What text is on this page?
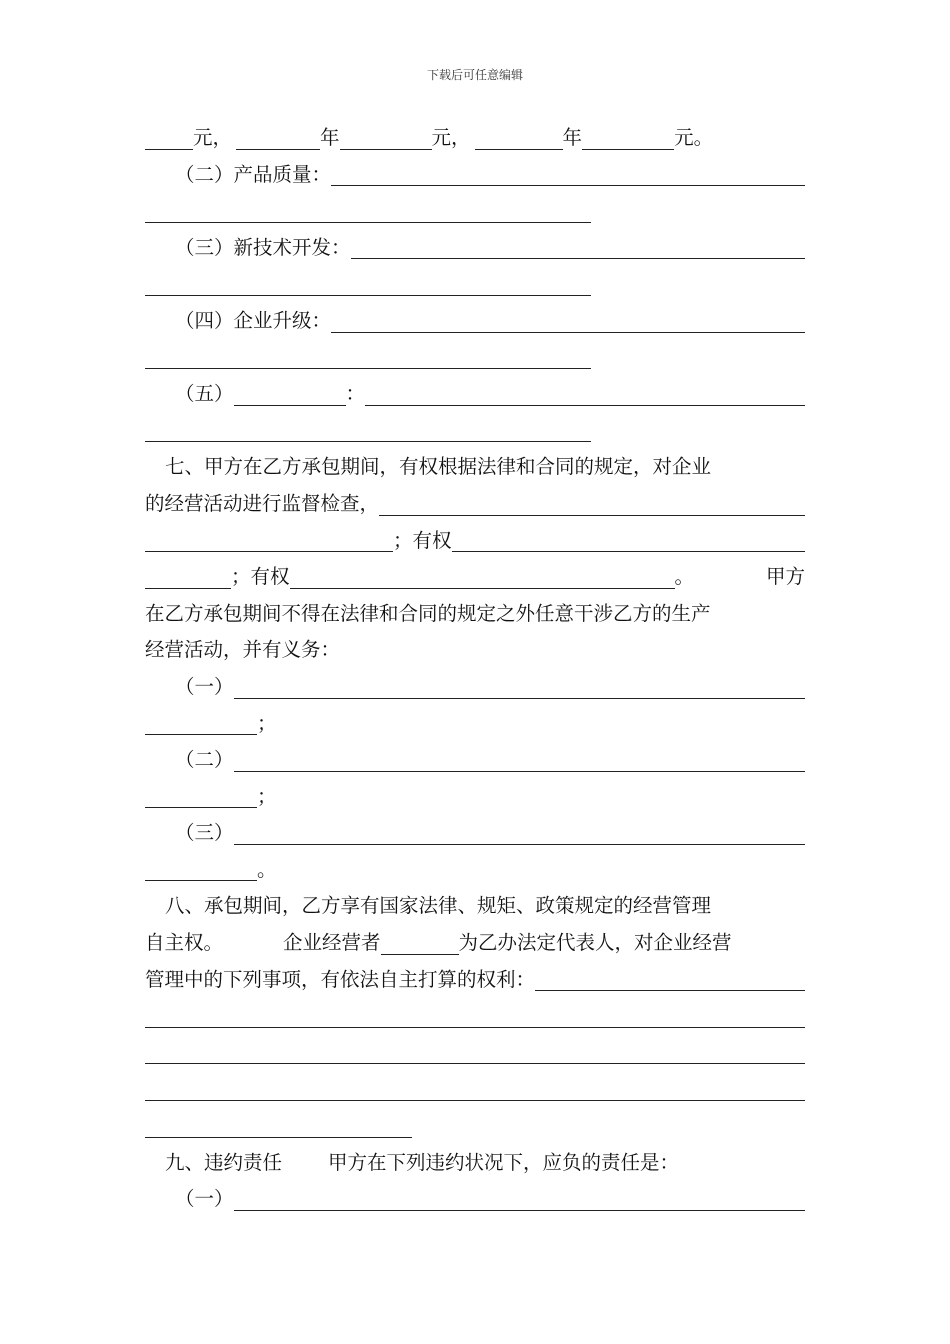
下载后可任意编辑
元，	年	元，	年	元。
（二）产品质量：
（三）新技术开发：
（四）企业升级：
（五）	：
七、甲方在乙方承包期间，有权根据法律和合同的规定，对企业
的经营活动进行监督检查，
；有权
；有权	。	甲方
在乙方承包期间不得在法律和合同的规定之外任意干涉乙方的生产
经营活动，并有义务：
（一）
；
（二）
；
（三）
。
八、承包期间，乙方享有国家法律、规矩、政策规定的经营管理
自主权。	企业经营者	为乙办法定代表人，对企业经营
管理中的下列事项，有依法自主打算的权利：
九、违约责任 甲方在下列违约状况下，应负的责任是：
（一）
